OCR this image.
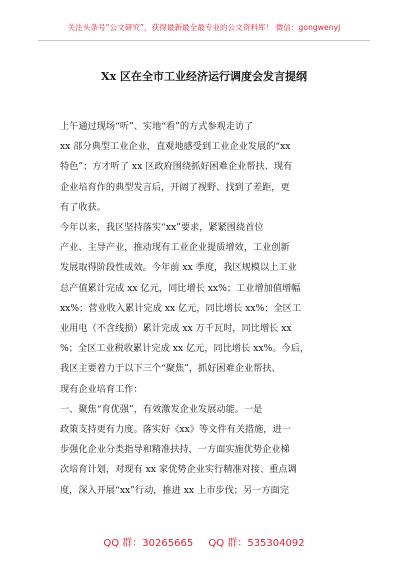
关注头条号“公文研究”，获得最新最全最专业的公文资料库！ 微信：gongwenyj
Xx 区在全市工业经济运行调度会发言提纲
上午通过现场“听”、实地“看”的方式参观走访了
xx 部分典型工业企业，直观地感受到工业企业发展的“xx
特色”；方才听了 xx 区政府围绕抓好困难企业帮扶、现有
企业培育作的典型发言后，开阔了视野、找到了差距，更
有了收获。
今年以来，我区坚持落实“xx”要求，紧紧围绕首位
产业、主导产业，推动现有工业企业提质增效，工业创新
发展取得阶段性成效。今年前 xx 季度，我区规模以上工业
总产值累计完成 xx 亿元，同比增长 xx%；工业增加值增幅
xx%；营业收入累计完成 xx 亿元，同比增长 xx%；全区工
业用电（不含线损）累计完成 xx 万千瓦时，同比增长 xx
%；全区工业税收累计完成 xx 亿元，同比增长 xx%。今后，
我区主要着力于以下三个“聚焦”，抓好困难企业帮扶、
现有企业培育工作：
一、聚焦“育优强”，有效激发企业发展动能。一是
政策支持更有力度。落实好《xx》等文件有关措施，进一
步强化企业分类指导和精准扶持，一方面实施优势企业梯
次培育计划，对现有 xx 家优势企业实行精准对接、重点调
度，深入开展“xx”行动，推进 xx 上市步伐；另一方面完
QQ 群：30265665 QQ 群：535304092
